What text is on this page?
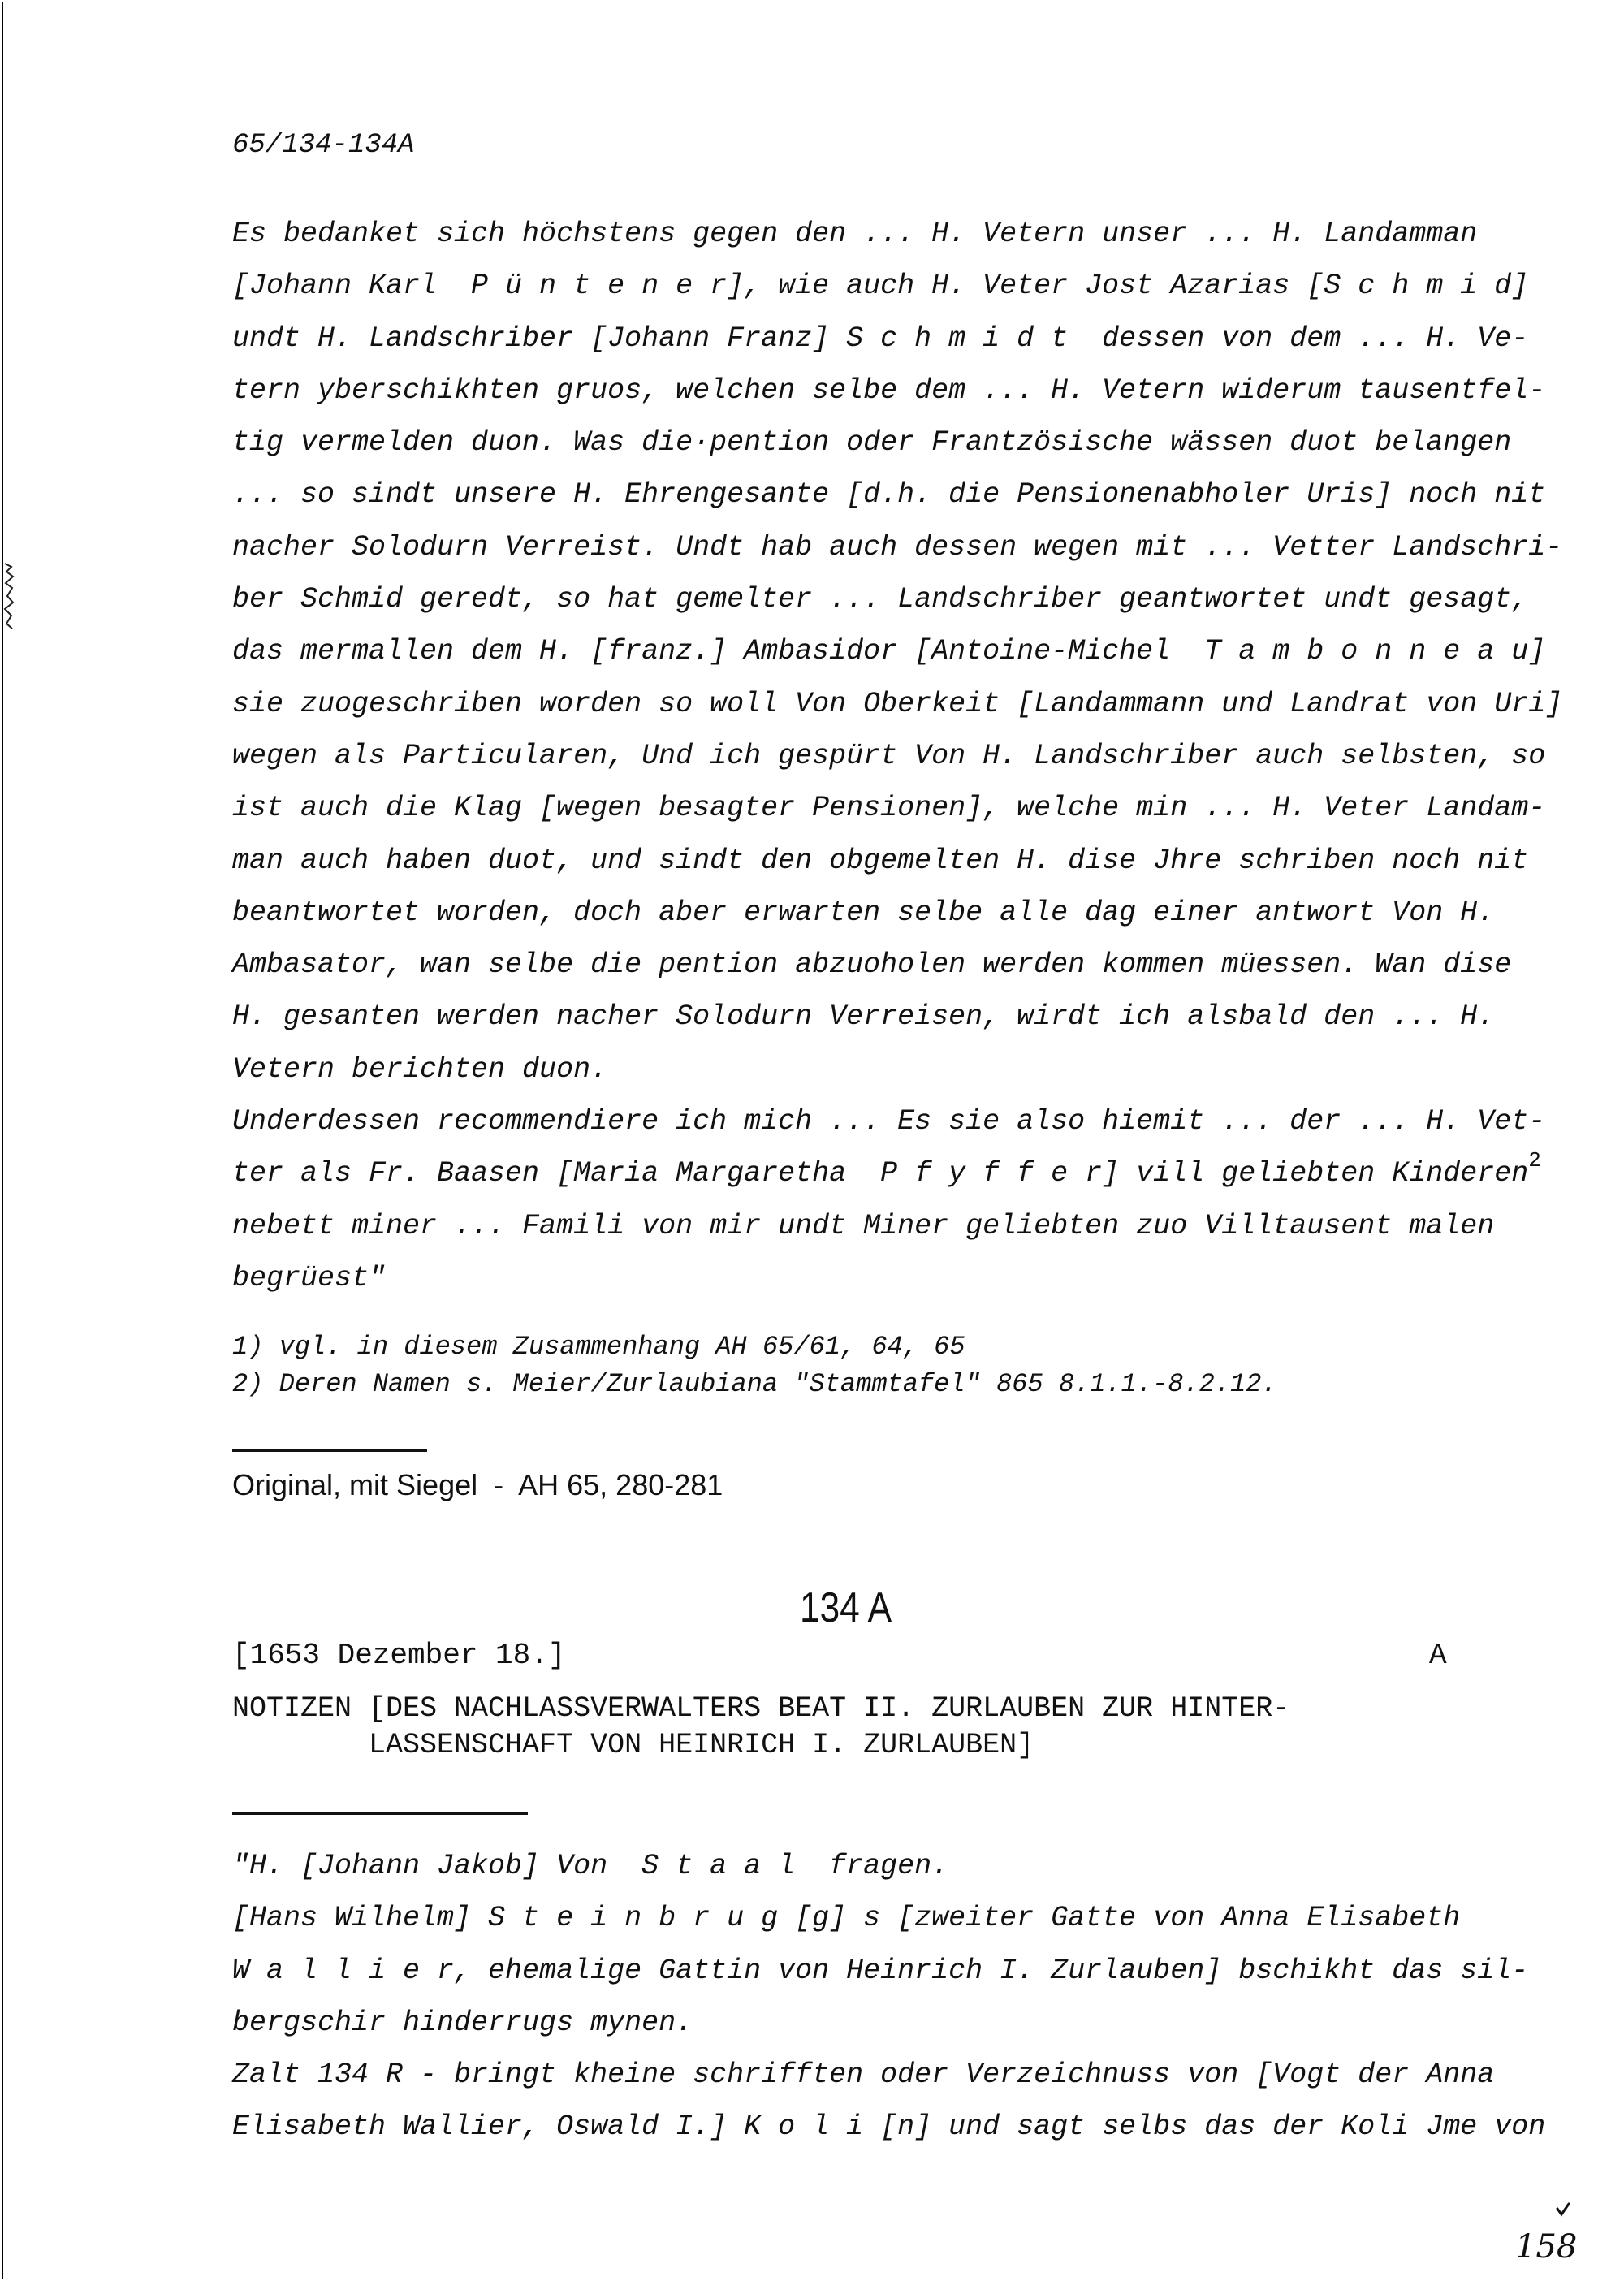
65/134-134A
Es bedanket sich höchstens gegen den ... H. Vetern unser ... H. Landamman
[Johann Karl  P ü n t e n e r], wie auch H. Veter Jost Azarias [S c h m i d]
undt H. Landschriber [Johann Franz] S c h m i d t  dessen von dem ... H. Ve-
tern yberschikhten gruos, welchen selbe dem ... H. Vetern widerum tausentfel-
tig vermelden duon. Was die·pention oder Frantzösische wässen duot belangen
... so sindt unsere H. Ehrengesante [d.h. die Pensionenabholer Uris] noch nit
nacher Solodurn Verreist. Undt hab auch dessen wegen mit ... Vetter Landschri-
ber Schmid geredt, so hat gemelter ... Landschriber geantwortet undt gesagt,
das mermallen dem H. [franz.] Ambasidor [Antoine-Michel  T a m b o n n e a u]
sie zuogeschriben worden so woll Von Oberkeit [Landammann und Landrat von Uri]
wegen als Particularen, Und ich gespürt Von H. Landschriber auch selbsten, so
ist auch die Klag [wegen besagter Pensionen], welche min ... H. Veter Landam-
man auch haben duot, und sindt den obgemelten H. dise Jhre schriben noch nit
beantwortet worden, doch aber erwarten selbe alle dag einer antwort Von H.
Ambasator, wan selbe die pention abzuoholen werden kommen müessen. Wan dise
H. gesanten werden nacher Solodurn Verreisen, wirdt ich alsbald den ... H.
Vetern berichten duon.
Underdessen recommendiere ich mich ... Es sie also hiemit ... der ... H. Vet-
ter als Fr. Baasen [Maria Margaretha  P f y f f e r] vill geliebten Kinderen$^2$
nebett miner ... Famili von mir undt Miner geliebten zuo Villtausent malen
begrüest"
1) vgl. in diesem Zusammenhang AH 65/61, 64, 65
2) Deren Namen s. Meier/Zurlaubiana "Stammtafel" 865 8.1.1.-8.2.12.
Original, mit Siegel  -  AH 65, 280-281
134 A
[1653 Dezember 18.]	A
NOTIZEN [DES NACHLASSVERWALTERS BEAT II. ZURLAUBEN ZUR HINTER-
LASSENSCHAFT VON HEINRICH I. ZURLAUBEN]
"H. [Johann Jakob] Von  S t a a l  fragen.
[Hans Wilhelm] S t e i n b r u g [g] s [zweiter Gatte von Anna Elisabeth
W a l l i e r, ehemalige Gattin von Heinrich I. Zurlauben] bschikht das sil-
bergschir hinderrugs mynen.
Zalt 134 R - bringt kheine schrifften oder Verzeichnuss von [Vogt der Anna
Elisabeth Wallier, Oswald I.] K o l i [n] und sagt selbs das der Koli Jme von
158
